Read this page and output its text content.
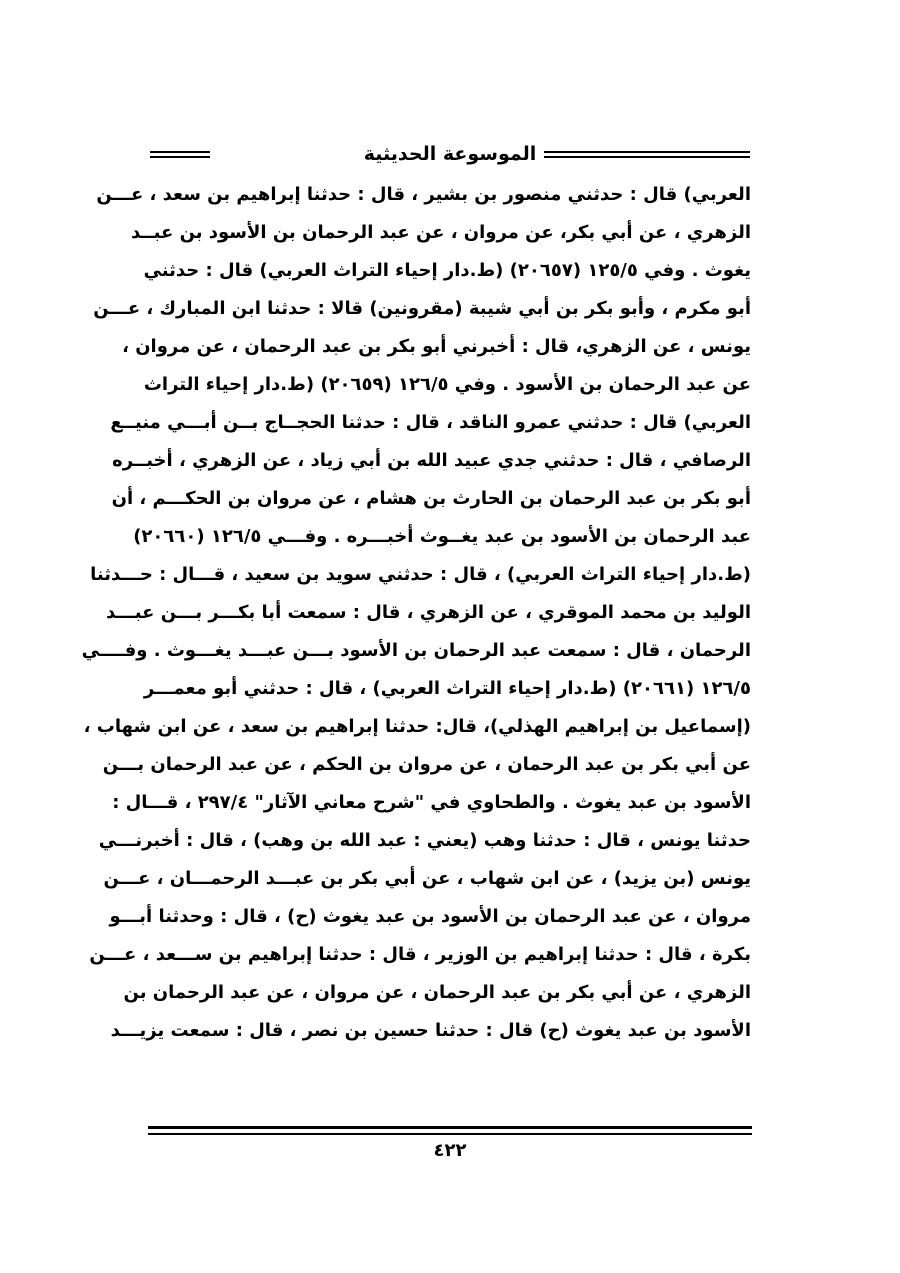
الموسوعة الحديثية
العربي) قال : حدثني منصور بن بشير ، قال : حدثنا إبراهيم بن سعد ، عـــن
الزهري ، عن أبي بكر، عن مروان ، عن عبد الرحمان بن الأسود بن عبــد
يغوث . وفي ١٢٥/٥ (٢٠٦٥٧) (ط.دار إحياء التراث العربي) قال : حدثني
أبو مكرم ، وأبو بكر بن أبي شيبة (مقرونين) قالا : حدثنا ابن المبارك ، عـــن
يونس ، عن الزهري، قال : أخبرني أبو بكر بن عبد الرحمان ، عن مروان ،
عن عبد الرحمان بن الأسود . وفي ١٢٦/٥ (٢٠٦٥٩) (ط.دار إحياء التراث
العربي) قال : حدثني عمرو الناقد ، قال : حدثنا الحجــاج بــن أبـــي منيــع
الرصافي ، قال : حدثني جدي عبيد الله بن أبي زياد ، عن الزهري ، أخبــره
أبو بكر بن عبد الرحمان بن الحارث بن هشام ، عن مروان بن الحكـــم ، أن
عبد الرحمان بن الأسود بن عبد يغــوث أخبـــره . وفـــي ١٢٦/٥ (٢٠٦٦٠)
(ط.دار إحياء التراث العربي) ، قال : حدثني سويد بن سعيد ، قـــال : حـــدثنا
الوليد بن محمد الموقري ، عن الزهري ، قال : سمعت أبا بكـــر بـــن عبـــد
الرحمان ، قال : سمعت عبد الرحمان بن الأسود بـــن عبـــد يغـــوث . وفــــي
١٢٦/٥ (٢٠٦٦١) (ط.دار إحياء التراث العربي) ، قال : حدثني أبو معمـــر
(إسماعيل بن إبراهيم الهذلي)، قال: حدثنا إبراهيم بن سعد ، عن ابن شهاب ،
عن أبي بكر بن عبد الرحمان ، عن مروان بن الحكم ، عن عبد الرحمان بـــن
الأسود بن عبد يغوث . والطحاوي في "شرح معاني الآثار" ٢٩٧/٤ ، قـــال :
حدثنا يونس ، قال : حدثنا وهب (يعني : عبد الله بن وهب) ، قال : أخبرنـــي
يونس (بن يزيد) ، عن ابن شهاب ، عن أبي بكر بن عبـــد الرحمـــان ، عـــن
مروان ، عن عبد الرحمان بن الأسود بن عبد يغوث (ح) ، قال : وحدثنا أبـــو
بكرة ، قال : حدثنا إبراهيم بن الوزير ، قال : حدثنا إبراهيم بن ســـعد ، عـــن
الزهري ، عن أبي بكر بن عبد الرحمان ، عن مروان ، عن عبد الرحمان بن
الأسود بن عبد يغوث (ح) قال : حدثنا حسين بن نصر ، قال : سمعت يزيـــد
٤٢٢
